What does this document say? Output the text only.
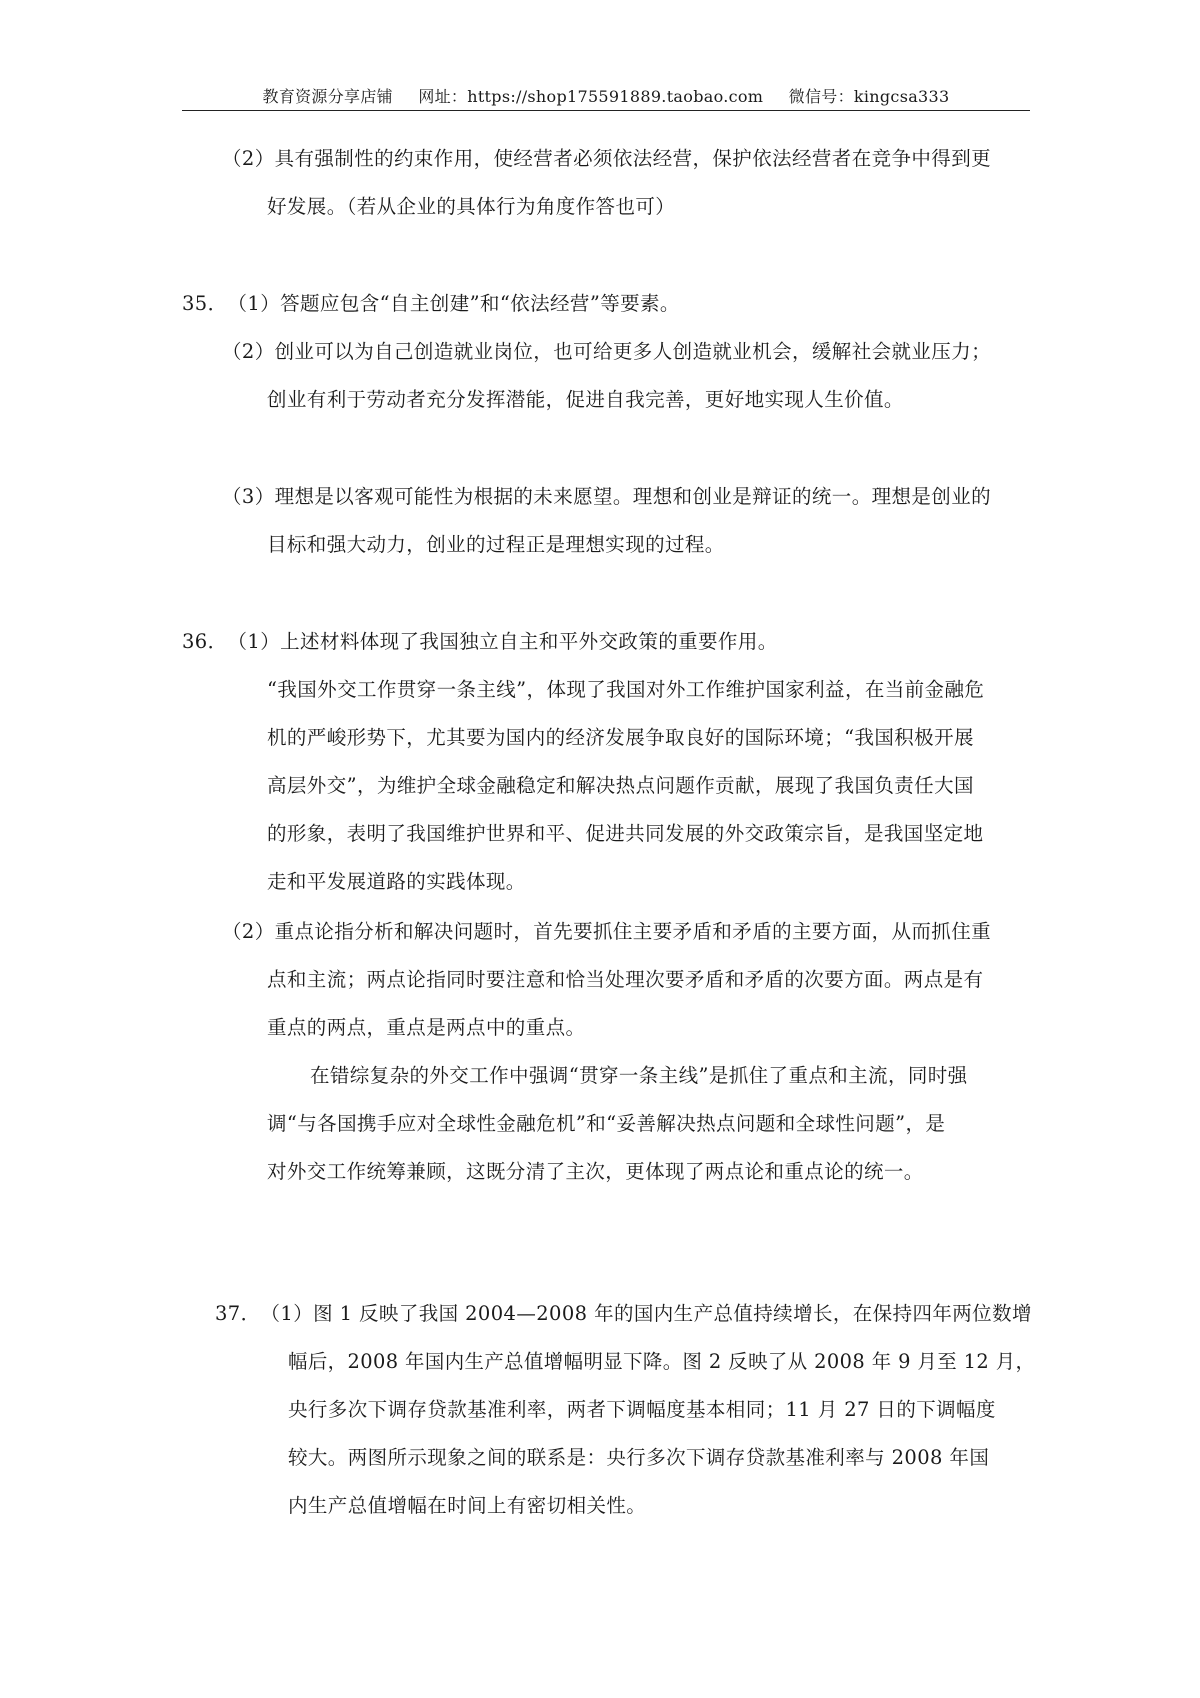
教育资源分享店铺 网址：https://shop175591889.taobao.com 微信号：kingcsa333
（2）具有强制性的约束作用，使经营者必须依法经营，保护依法经营者在竞争中得到更
好发展。（若从企业的具体行为角度作答也可）
35．（1）答题应包含“自主创建”和“依法经营”等要素。
（2）创业可以为自己创造就业岗位，也可给更多人创造就业机会，缓解社会就业压力；
创业有利于劳动者充分发挥潜能，促进自我完善，更好地实现人生价值。
（3）理想是以客观可能性为根据的未来愿望。理想和创业是辩证的统一。理想是创业的
目标和强大动力，创业的过程正是理想实现的过程。
36．（1）上述材料体现了我国独立自主和平外交政策的重要作用。
“我国外交工作贯穿一条主线”，体现了我国对外工作维护国家利益，在当前金融危
机的严峻形势下，尤其要为国内的经济发展争取良好的国际环境；“我国积极开展
高层外交”，为维护全球金融稳定和解决热点问题作贡献，展现了我国负责任大国
的形象，表明了我国维护世界和平、促进共同发展的外交政策宗旨，是我国坚定地
走和平发展道路的实践体现。
（2）重点论指分析和解决问题时，首先要抓住主要矛盾和矛盾的主要方面，从而抓住重
点和主流；两点论指同时要注意和恰当处理次要矛盾和矛盾的次要方面。两点是有
重点的两点，重点是两点中的重点。
在错综复杂的外交工作中强调“贯穿一条主线”是抓住了重点和主流，同时强
调“与各国携手应对全球性金融危机”和“妥善解决热点问题和全球性问题”，是
对外交工作统筹兼顾，这既分清了主次，更体现了两点论和重点论的统一。
37．（1）图 1 反映了我国 2004—2008 年的国内生产总值持续增长，在保持四年两位数增
幅后，2008 年国内生产总值增幅明显下降。图 2 反映了从 2008 年 9 月至 12 月，
央行多次下调存贷款基准利率，两者下调幅度基本相同；11 月 27 日的下调幅度
较大。两图所示现象之间的联系是：央行多次下调存贷款基准利率与 2008 年国
内生产总值增幅在时间上有密切相关性。
